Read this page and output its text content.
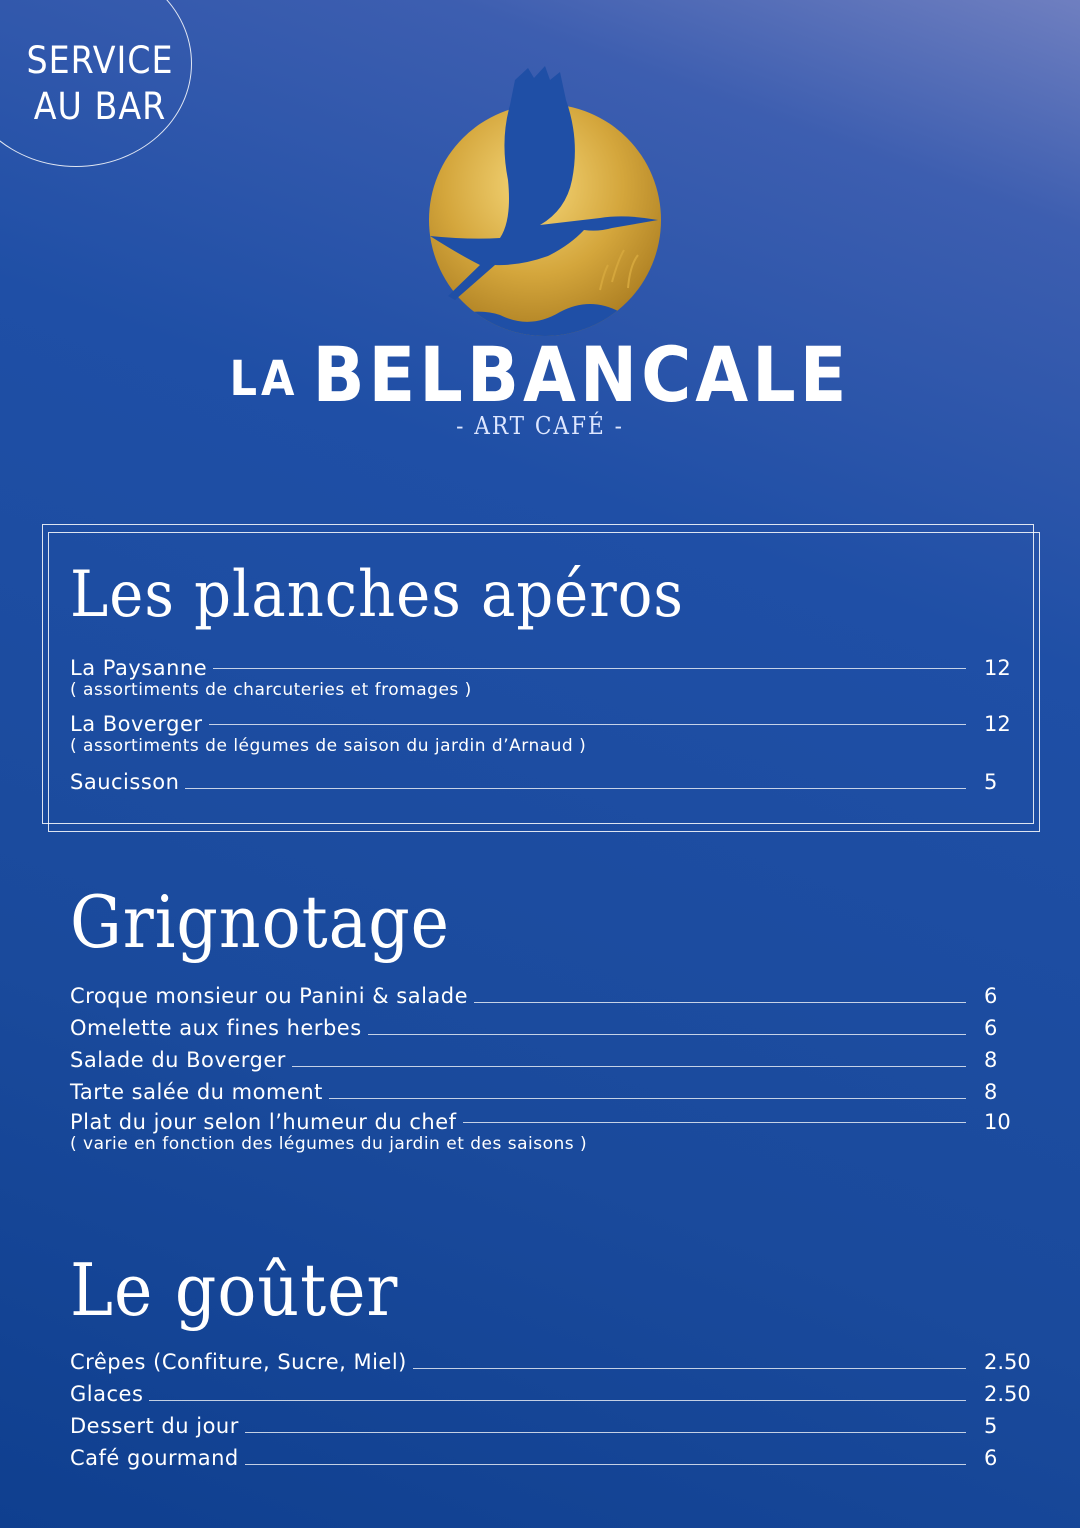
SERVICE
AU BAR
LA BELBANCALE
- ART CAFÉ -
Les planches apéros
La Paysanne	12
( assortiments de charcuteries et fromages )
La Boverger	12
( assortiments de légumes de saison du jardin d’Arnaud )
Saucisson	5
Grignotage
Croque monsieur ou Panini & salade	6
Omelette aux fines herbes	6
Salade du Boverger	8
Tarte salée du moment	8
Plat du jour selon l’humeur du chef	10
( varie en fonction des légumes du jardin et des saisons )
Le goûter
Crêpes (Confiture, Sucre, Miel)	2.50
Glaces	2.50
Dessert du jour	5
Café gourmand	6
